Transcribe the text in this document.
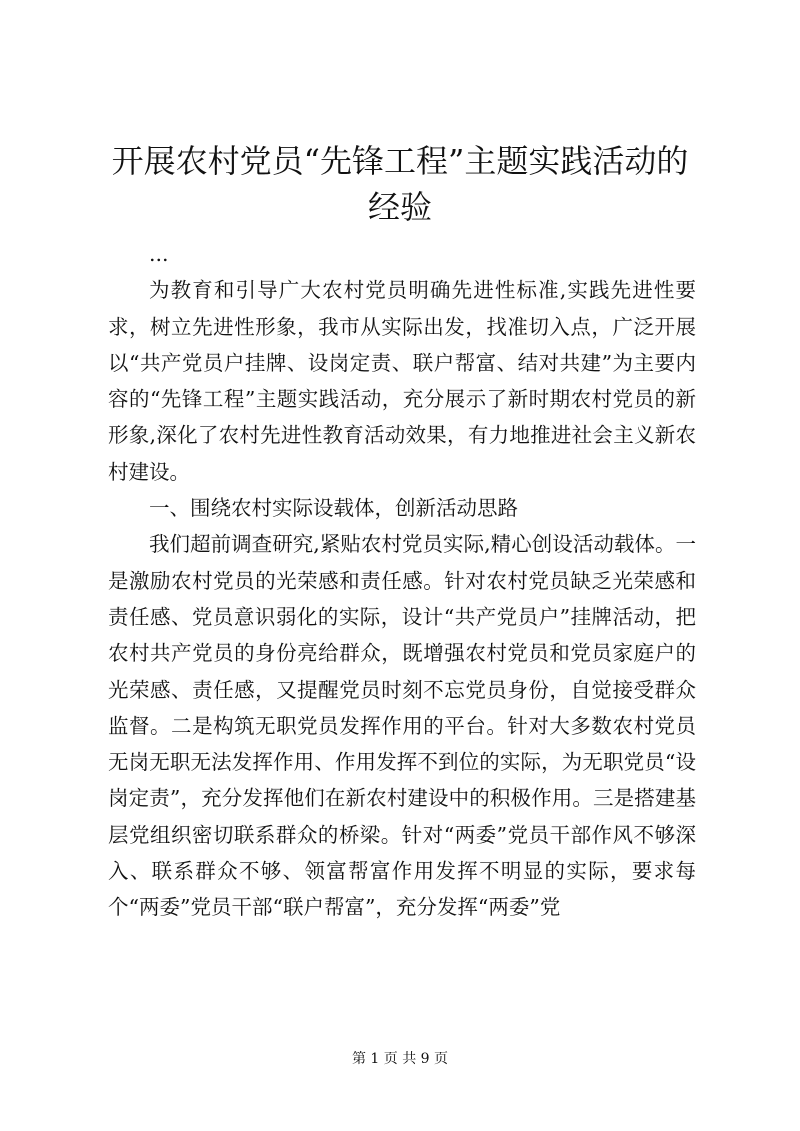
开展农村党员“先锋工程”主题实践活动的经验

...

为教育和引导广大农村党员明确先进性标准,实践先进性要求，树立先进性形象，我市从实际出发，找准切入点，广泛开展以“共产党员户挂牌、设岗定责、联户帮富、结对共建”为主要内容的“先锋工程”主题实践活动，充分展示了新时期农村党员的新形象,深化了农村先进性教育活动效果，有力地推进社会主义新农村建设。

一、围绕农村实际设载体，创新活动思路

我们超前调查研究,紧贴农村党员实际,精心创设活动载体。一是激励农村党员的光荣感和责任感。针对农村党员缺乏光荣感和责任感、党员意识弱化的实际，设计“共产党员户”挂牌活动，把农村共产党员的身份亮给群众，既增强农村党员和党员家庭户的光荣感、责任感，又提醒党员时刻不忘党员身份，自觉接受群众监督。二是构筑无职党员发挥作用的平台。针对大多数农村党员无岗无职无法发挥作用、作用发挥不到位的实际，为无职党员“设岗定责”，充分发挥他们在新农村建设中的积极作用。三是搭建基层党组织密切联系群众的桥梁。针对“两委”党员干部作风不够深入、联系群众不够、领富帮富作用发挥不明显的实际，要求每个“两委”党员干部“联户帮富”，充分发挥“两委”党

第 1 页 共 9 页
